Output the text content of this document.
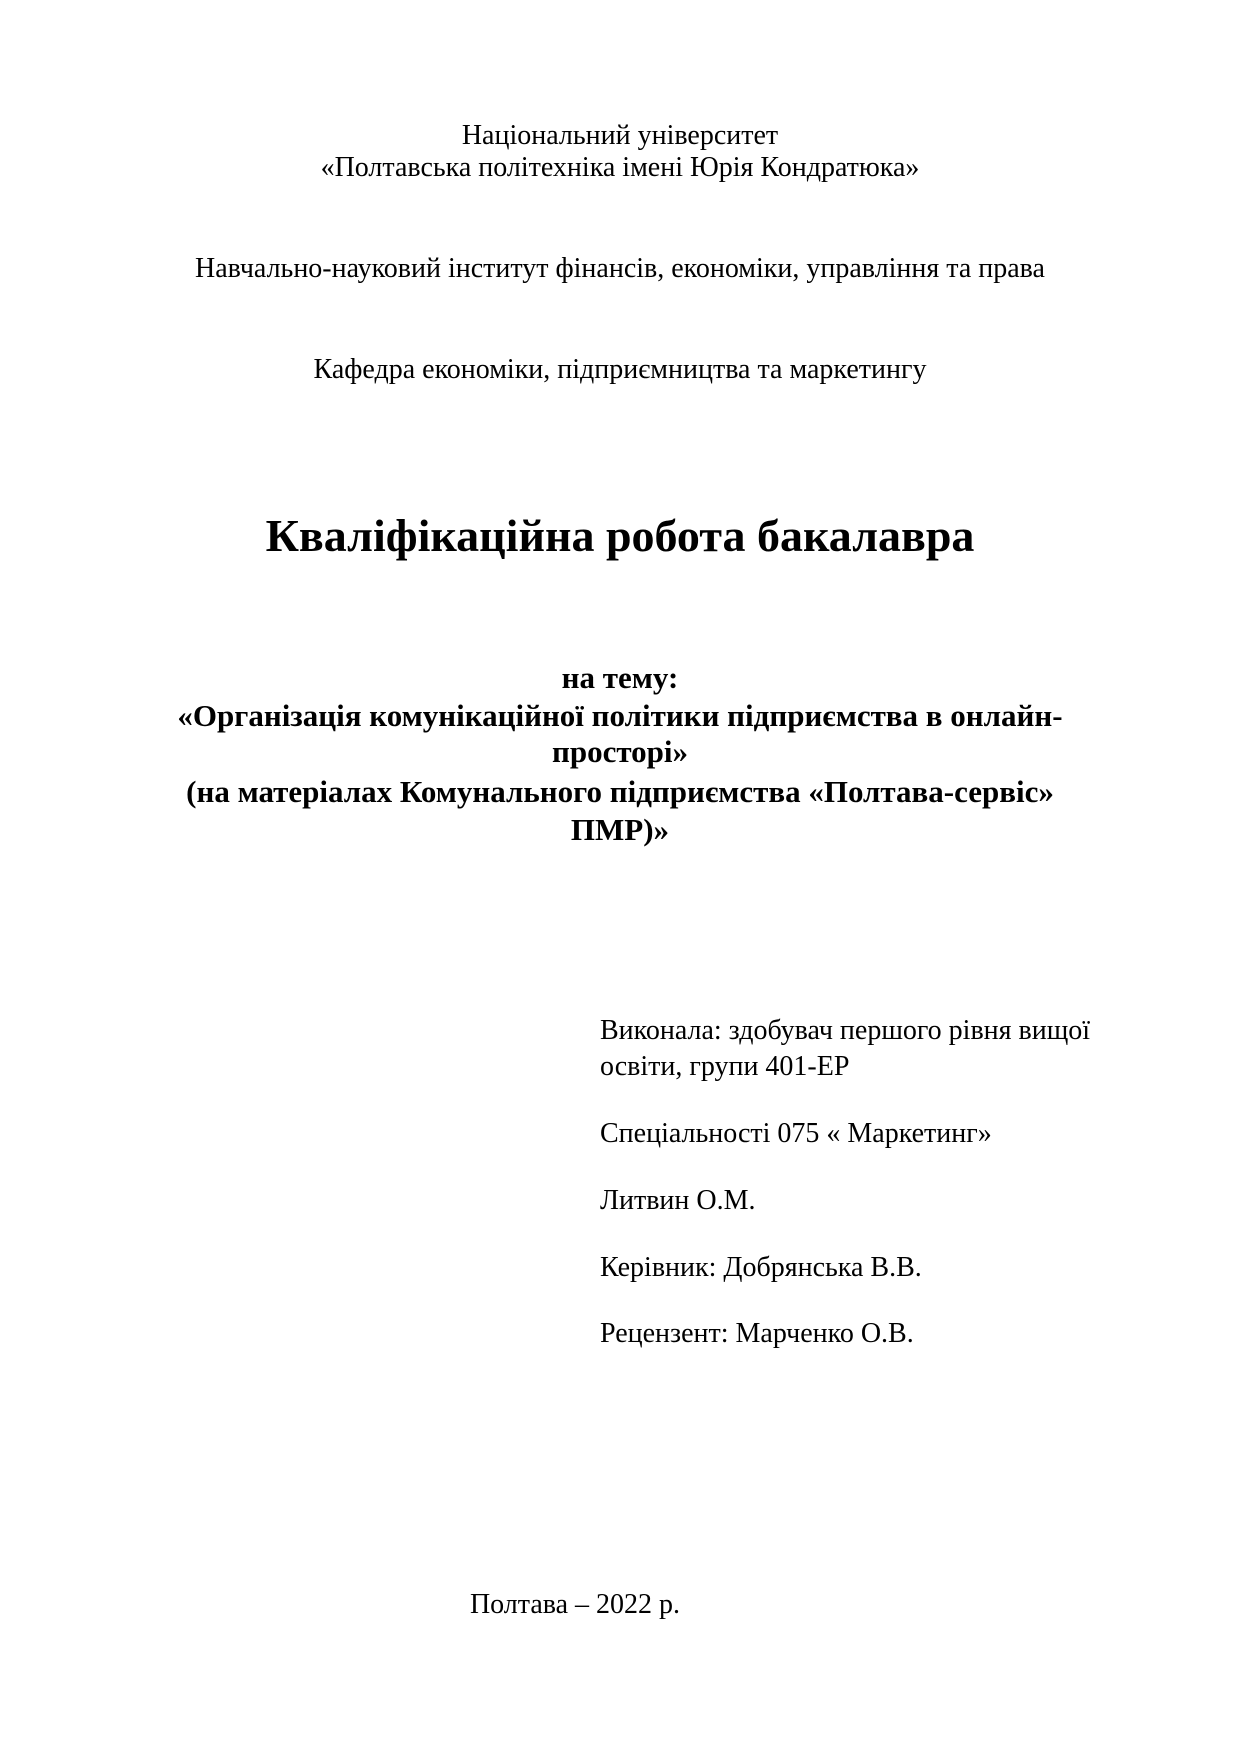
Національний університет
«Полтавська політехніка імені Юрія Кондратюка»
Навчально-науковий інститут фінансів, економіки, управління та права
Кафедра економіки, підприємництва та маркетингу
Кваліфікаційна робота бакалавра
на тему:
«Організація комунікаційної політики підприємства в онлайн-
просторі»
(на матеріалах Комунального підприємства «Полтава-сервіс»
ПМР)»
Виконала: здобувач першого рівня вищої
освіти, групи 401-ЕР
Спеціальності 075 « Маркетинг»
Литвин О.М.
Керівник: Добрянська В.В.
Рецензент: Марченко О.В.
Полтава – 2022 р.
